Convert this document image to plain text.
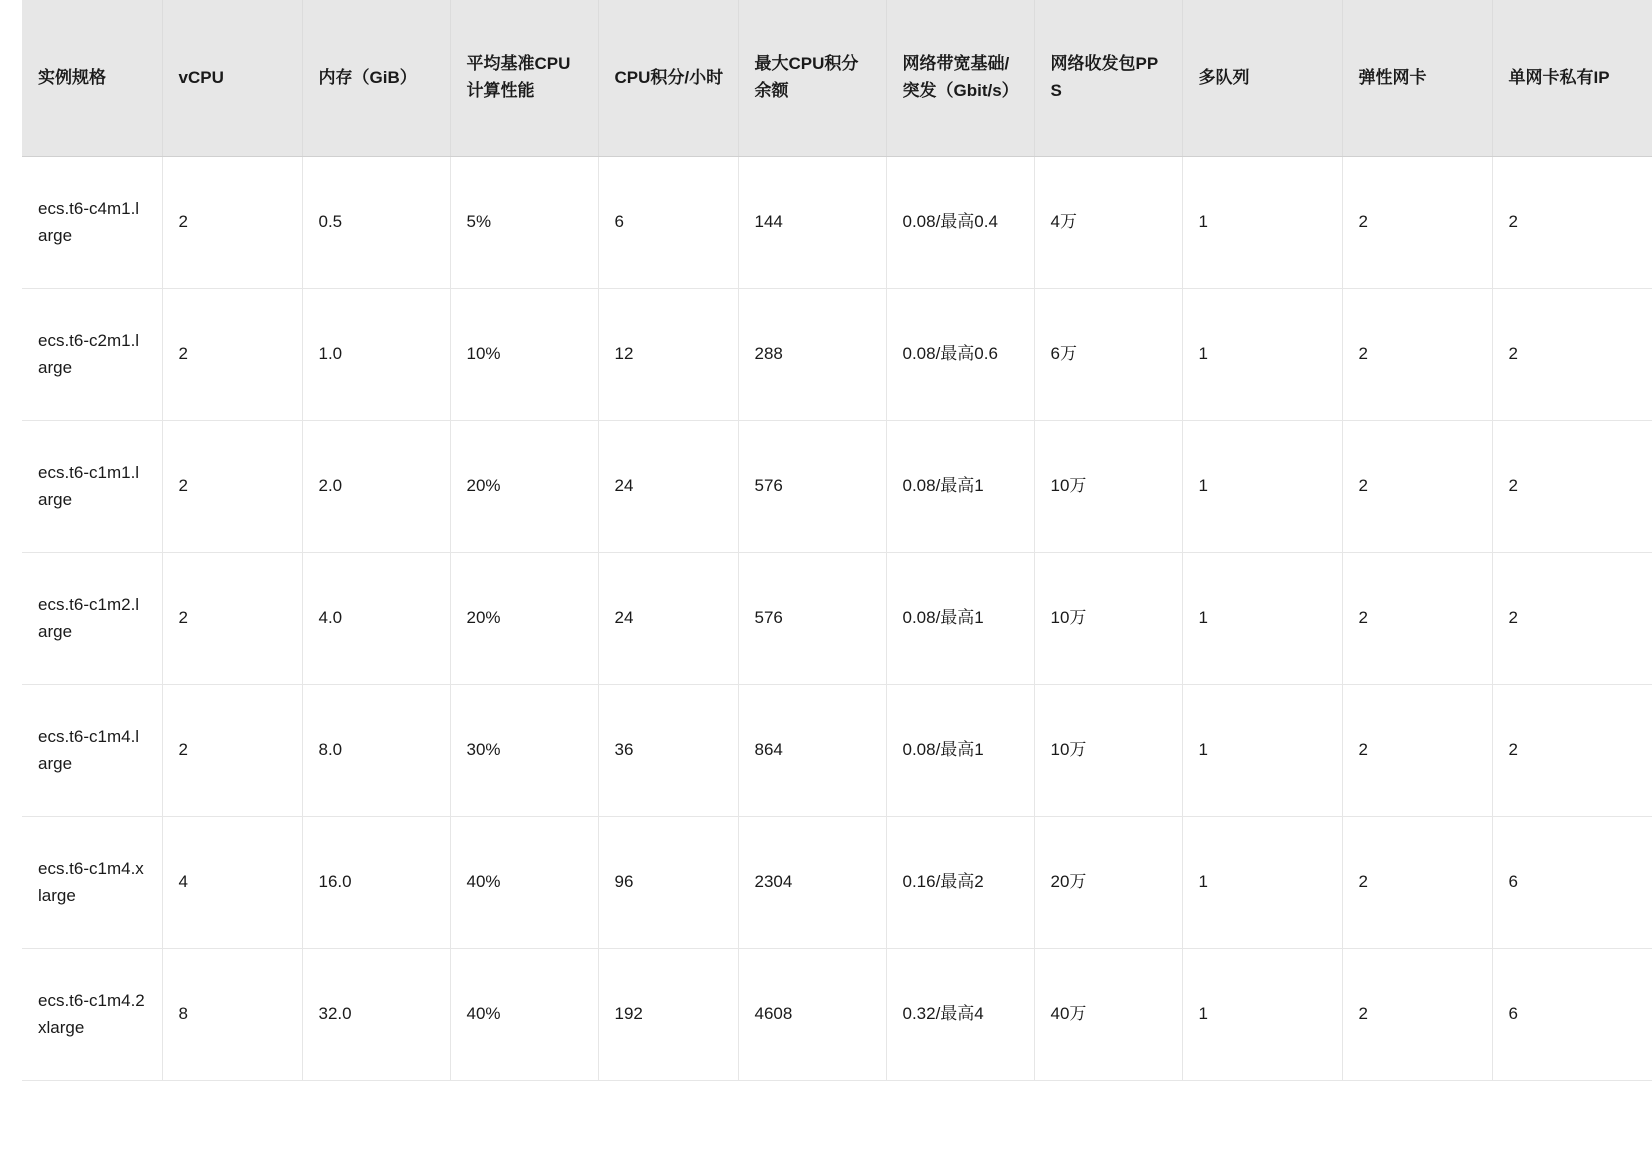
实例规格	vCPU	内存（GiB）	平均基准CPU计算性能	CPU积分/小时	最大CPU积分余额	网络带宽基础/突发（Gbit/s）	网络收发包PPS	多队列	弹性网卡	单网卡私有IP
ecs.t6-c4m1.large	2	0.5	5%	6	144	0.08/最高0.4	4万	1	2	2
ecs.t6-c2m1.large	2	1.0	10%	12	288	0.08/最高0.6	6万	1	2	2
ecs.t6-c1m1.large	2	2.0	20%	24	576	0.08/最高1	10万	1	2	2
ecs.t6-c1m2.large	2	4.0	20%	24	576	0.08/最高1	10万	1	2	2
ecs.t6-c1m4.large	2	8.0	30%	36	864	0.08/最高1	10万	1	2	2
ecs.t6-c1m4.xlarge	4	16.0	40%	96	2304	0.16/最高2	20万	1	2	6
ecs.t6-c1m4.2xlarge	8	32.0	40%	192	4608	0.32/最高4	40万	1	2	6
